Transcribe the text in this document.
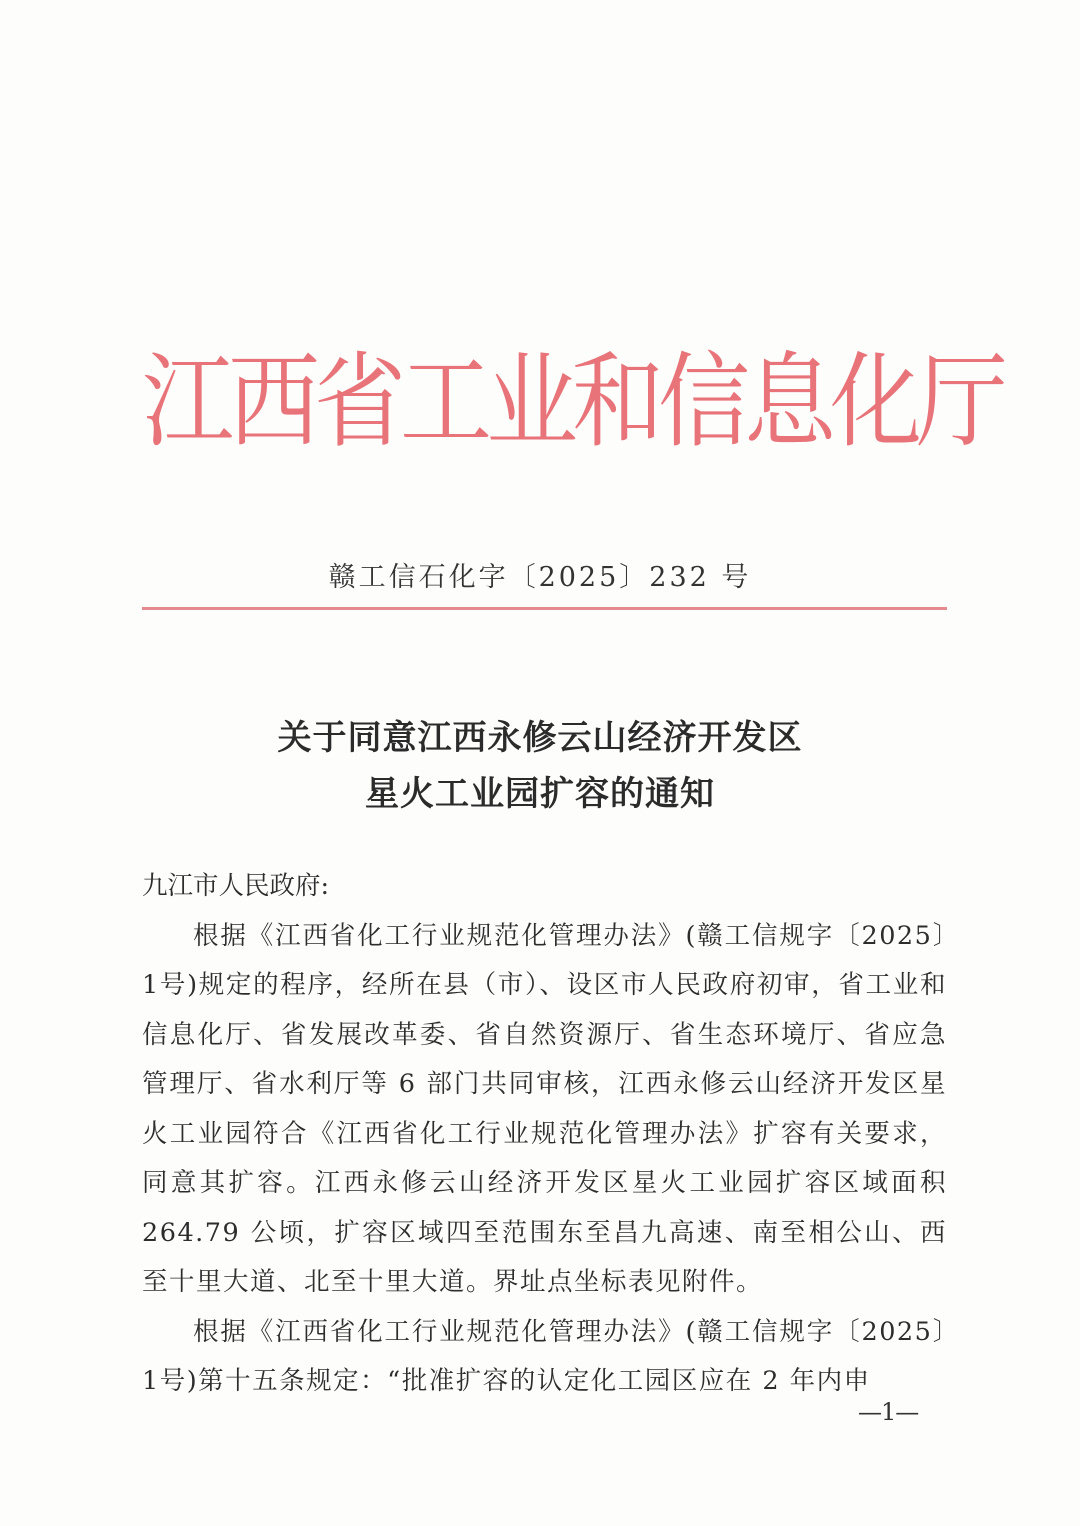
江
西
省
工
业
和
信
息
化
厅
赣工信石化字〔2025〕232 号
关于同意江西永修云山经济开发区
星火工业园扩容的通知

九江市人民政府:

根据《江西省化工行业规范化管理办法》(赣工信规字〔2025〕1号)规定的程序，经所在县（市）、设区市人民政府初审，省工业和信息化厅、省发展改革委、省自然资源厅、省生态环境厅、省应急管理厅、省水利厅等 6 部门共同审核，江西永修云山经济开发区星火工业园符合《江西省化工行业规范化管理办法》扩容有关要求，同意其扩容。江西永修云山经济开发区星火工业园扩容区域面积 264.79 公顷，扩容区域四至范围东至昌九高速、南至相公山、西至十里大道、北至十里大道。界址点坐标表见附件。

根据《江西省化工行业规范化管理办法》(赣工信规字〔2025〕1号)第十五条规定：“批准扩容的认定化工园区应在 2 年内申

—1—
